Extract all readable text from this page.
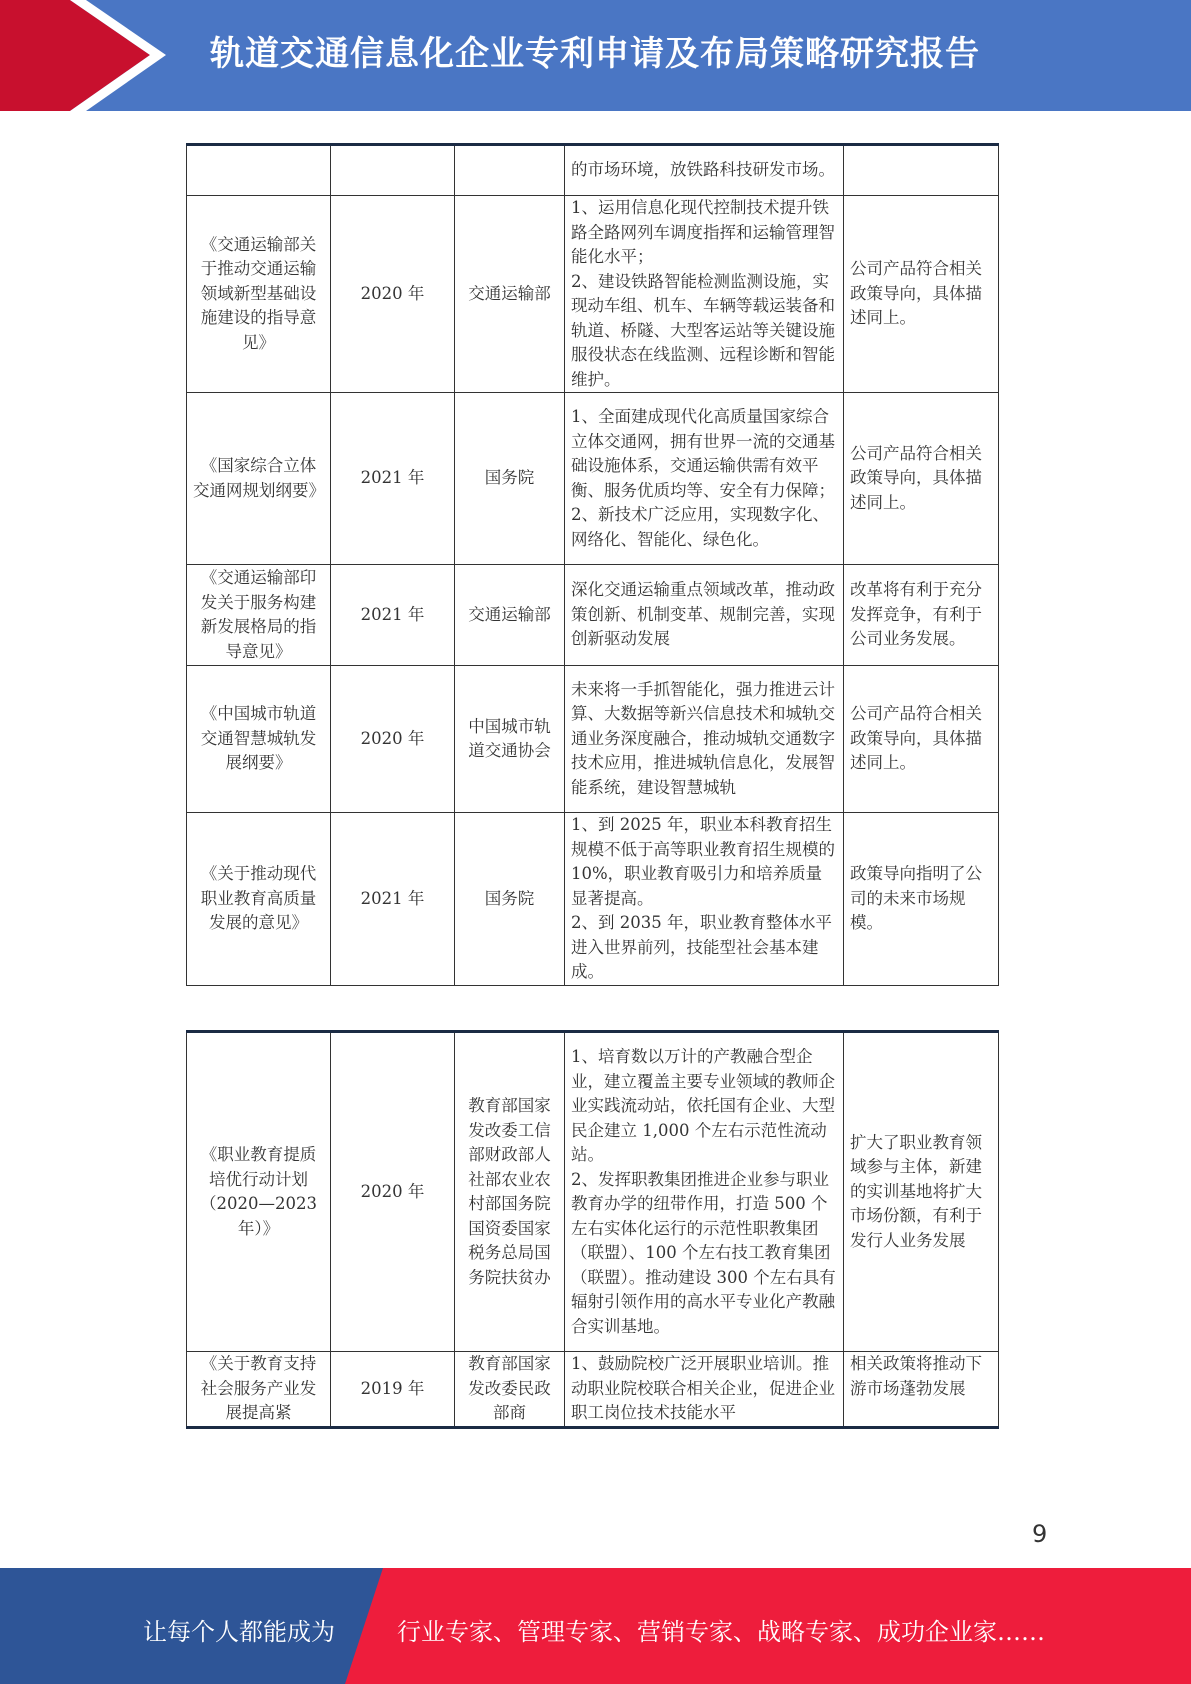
轨道交通信息化企业专利申请及布局策略研究报告
			的市场环境，放铁路科技研发市场。	
《交通运输部关于推动交通运输领域新型基础设施建设的指导意见》	2020 年	交通运输部	1、运用信息化现代控制技术提升铁路全路网列车调度指挥和运输管理智能化水平；
2、建设铁路智能检测监测设施，实现动车组、机车、车辆等载运装备和轨道、桥隧、大型客运站等关键设施服役状态在线监测、远程诊断和智能维护。	公司产品符合相关政策导向，具体描述同上。
《国家综合立体交通网规划纲要》	2021 年	国务院	1、全面建成现代化高质量国家综合立体交通网，拥有世界一流的交通基础设施体系，交通运输供需有效平衡、服务优质均等、安全有力保障；
2、新技术广泛应用，实现数字化、网络化、智能化、绿色化。	公司产品符合相关政策导向，具体描述同上。
《交通运输部印发关于服务构建新发展格局的指导意见》	2021 年	交通运输部	深化交通运输重点领域改革，推动政策创新、机制变革、规制完善，实现创新驱动发展	改革将有利于充分发挥竞争，有利于公司业务发展。
《中国城市轨道交通智慧城轨发展纲要》	2020 年	中国城市轨道交通协会	未来将一手抓智能化，强力推进云计算、大数据等新兴信息技术和城轨交通业务深度融合，推动城轨交通数字技术应用，推进城轨信息化，发展智能系统，建设智慧城轨	公司产品符合相关政策导向，具体描述同上。
《关于推动现代职业教育高质量发展的意见》	2021 年	国务院	1、到 2025 年，职业本科教育招生规模不低于高等职业教育招生规模的 10%，职业教育吸引力和培养质量显著提高。
2、到 2035 年，职业教育整体水平进入世界前列，技能型社会基本建成。	政策导向指明了公司的未来市场规模。
《职业教育提质培优行动计划（2020—2023 年）》	2020 年	教育部国家发改委工信部财政部人社部农业农村部国务院国资委国家税务总局国务院扶贫办	1、培育数以万计的产教融合型企业，建立覆盖主要专业领域的教师企业实践流动站，依托国有企业、大型民企建立 1,000 个左右示范性流动站。
2、发挥职教集团推进企业参与职业教育办学的纽带作用，打造 500 个左右实体化运行的示范性职教集团（联盟）、100 个左右技工教育集团（联盟）。推动建设 300 个左右具有辐射引领作用的高水平专业化产教融合实训基地。	扩大了职业教育领域参与主体，新建的实训基地将扩大市场份额，有利于发行人业务发展
《关于教育支持社会服务产业发展提高紧	2019 年	教育部国家发改委民政部商	1、鼓励院校广泛开展职业培训。推动职业院校联合相关企业，促进企业职工岗位技术技能水平	相关政策将推动下游市场蓬勃发展
9
让每个人都能成为	行业专家、管理专家、营销专家、战略专家、成功企业家……
